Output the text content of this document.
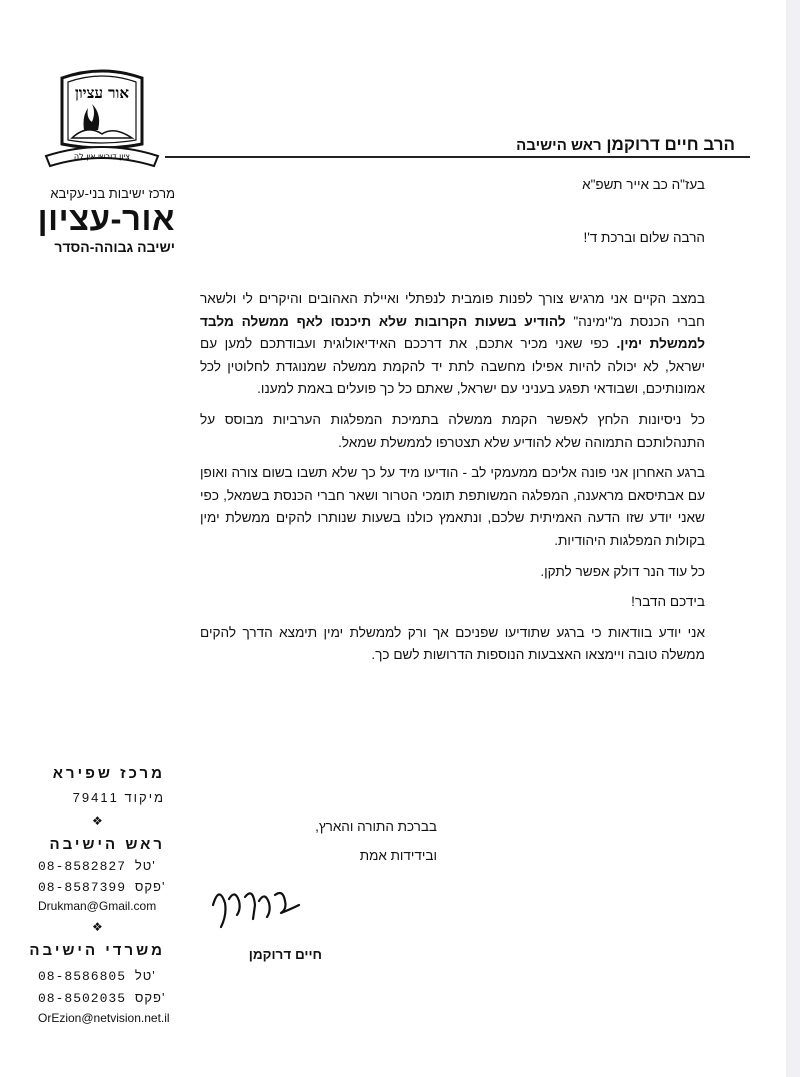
אור עציון
ציון דורשי אין לה
מרכז ישיבות בני-עקיבא
אור-עציון
ישיבה גבוהה-הסדר
הרב חיים דרוקמן ראש הישיבה
בעז"ה כב אייר תשפ"א
הרבה שלום וברכת ד'!

במצב הקיים אני מרגיש צורך לפנות פומבית לנפתלי ואיילת האהובים והיקרים לי ולשאר חברי הכנסת מ"ימינה" להודיע בשעות הקרובות שלא תיכנסו לאף ממשלה מלבד לממשלת ימין. כפי שאני מכיר אתכם, את דרככם האידיאולוגית ועבודתכם למען עם ישראל, לא יכולה להיות אפילו מחשבה לתת יד להקמת ממשלה שמנוגדת לחלוטין לכל אמונותיכם, ושבודאי תפגע בעניני עם ישראל, שאתם כל כך פועלים באמת למענו.

כל ניסיונות הלחץ לאפשר הקמת ממשלה בתמיכת המפלגות הערביות מבוסס על התנהלותכם התמוהה שלא להודיע שלא תצטרפו לממשלת שמאל.

ברגע האחרון אני פונה אליכם ממעמקי לב - הודיעו מיד על כך שלא תשבו בשום צורה ואופן עם אבתיסאם מראענה, המפלגה המשותפת תומכי הטרור ושאר חברי הכנסת בשמאל, כפי שאני יודע שזו הדעה האמיתית שלכם, ונתאמץ כולנו בשעות שנותרו להקים ממשלת ימין בקולות המפלגות היהודיות.

כל עוד הנר דולק אפשר לתקן.

בידכם הדבר!

אני יודע בוודאות כי ברגע שתודיעו שפניכם אך ורק לממשלת ימין תימצא הדרך להקים ממשלה טובה ויימצאו האצבעות הנוספות הדרושות לשם כך.

בברכת התורה והארץ,
ובידידות אמת
חיים דרוקמן
מרכז שפירא
מיקוד 79411
❖
ראש הישיבה
08-8582827 טל'
08-8587399 פקס'
Drukman@Gmail.com
❖
משרדי הישיבה
08-8586805 טל'
08-8502035 פקס'
OrEzion@netvision.net.il
